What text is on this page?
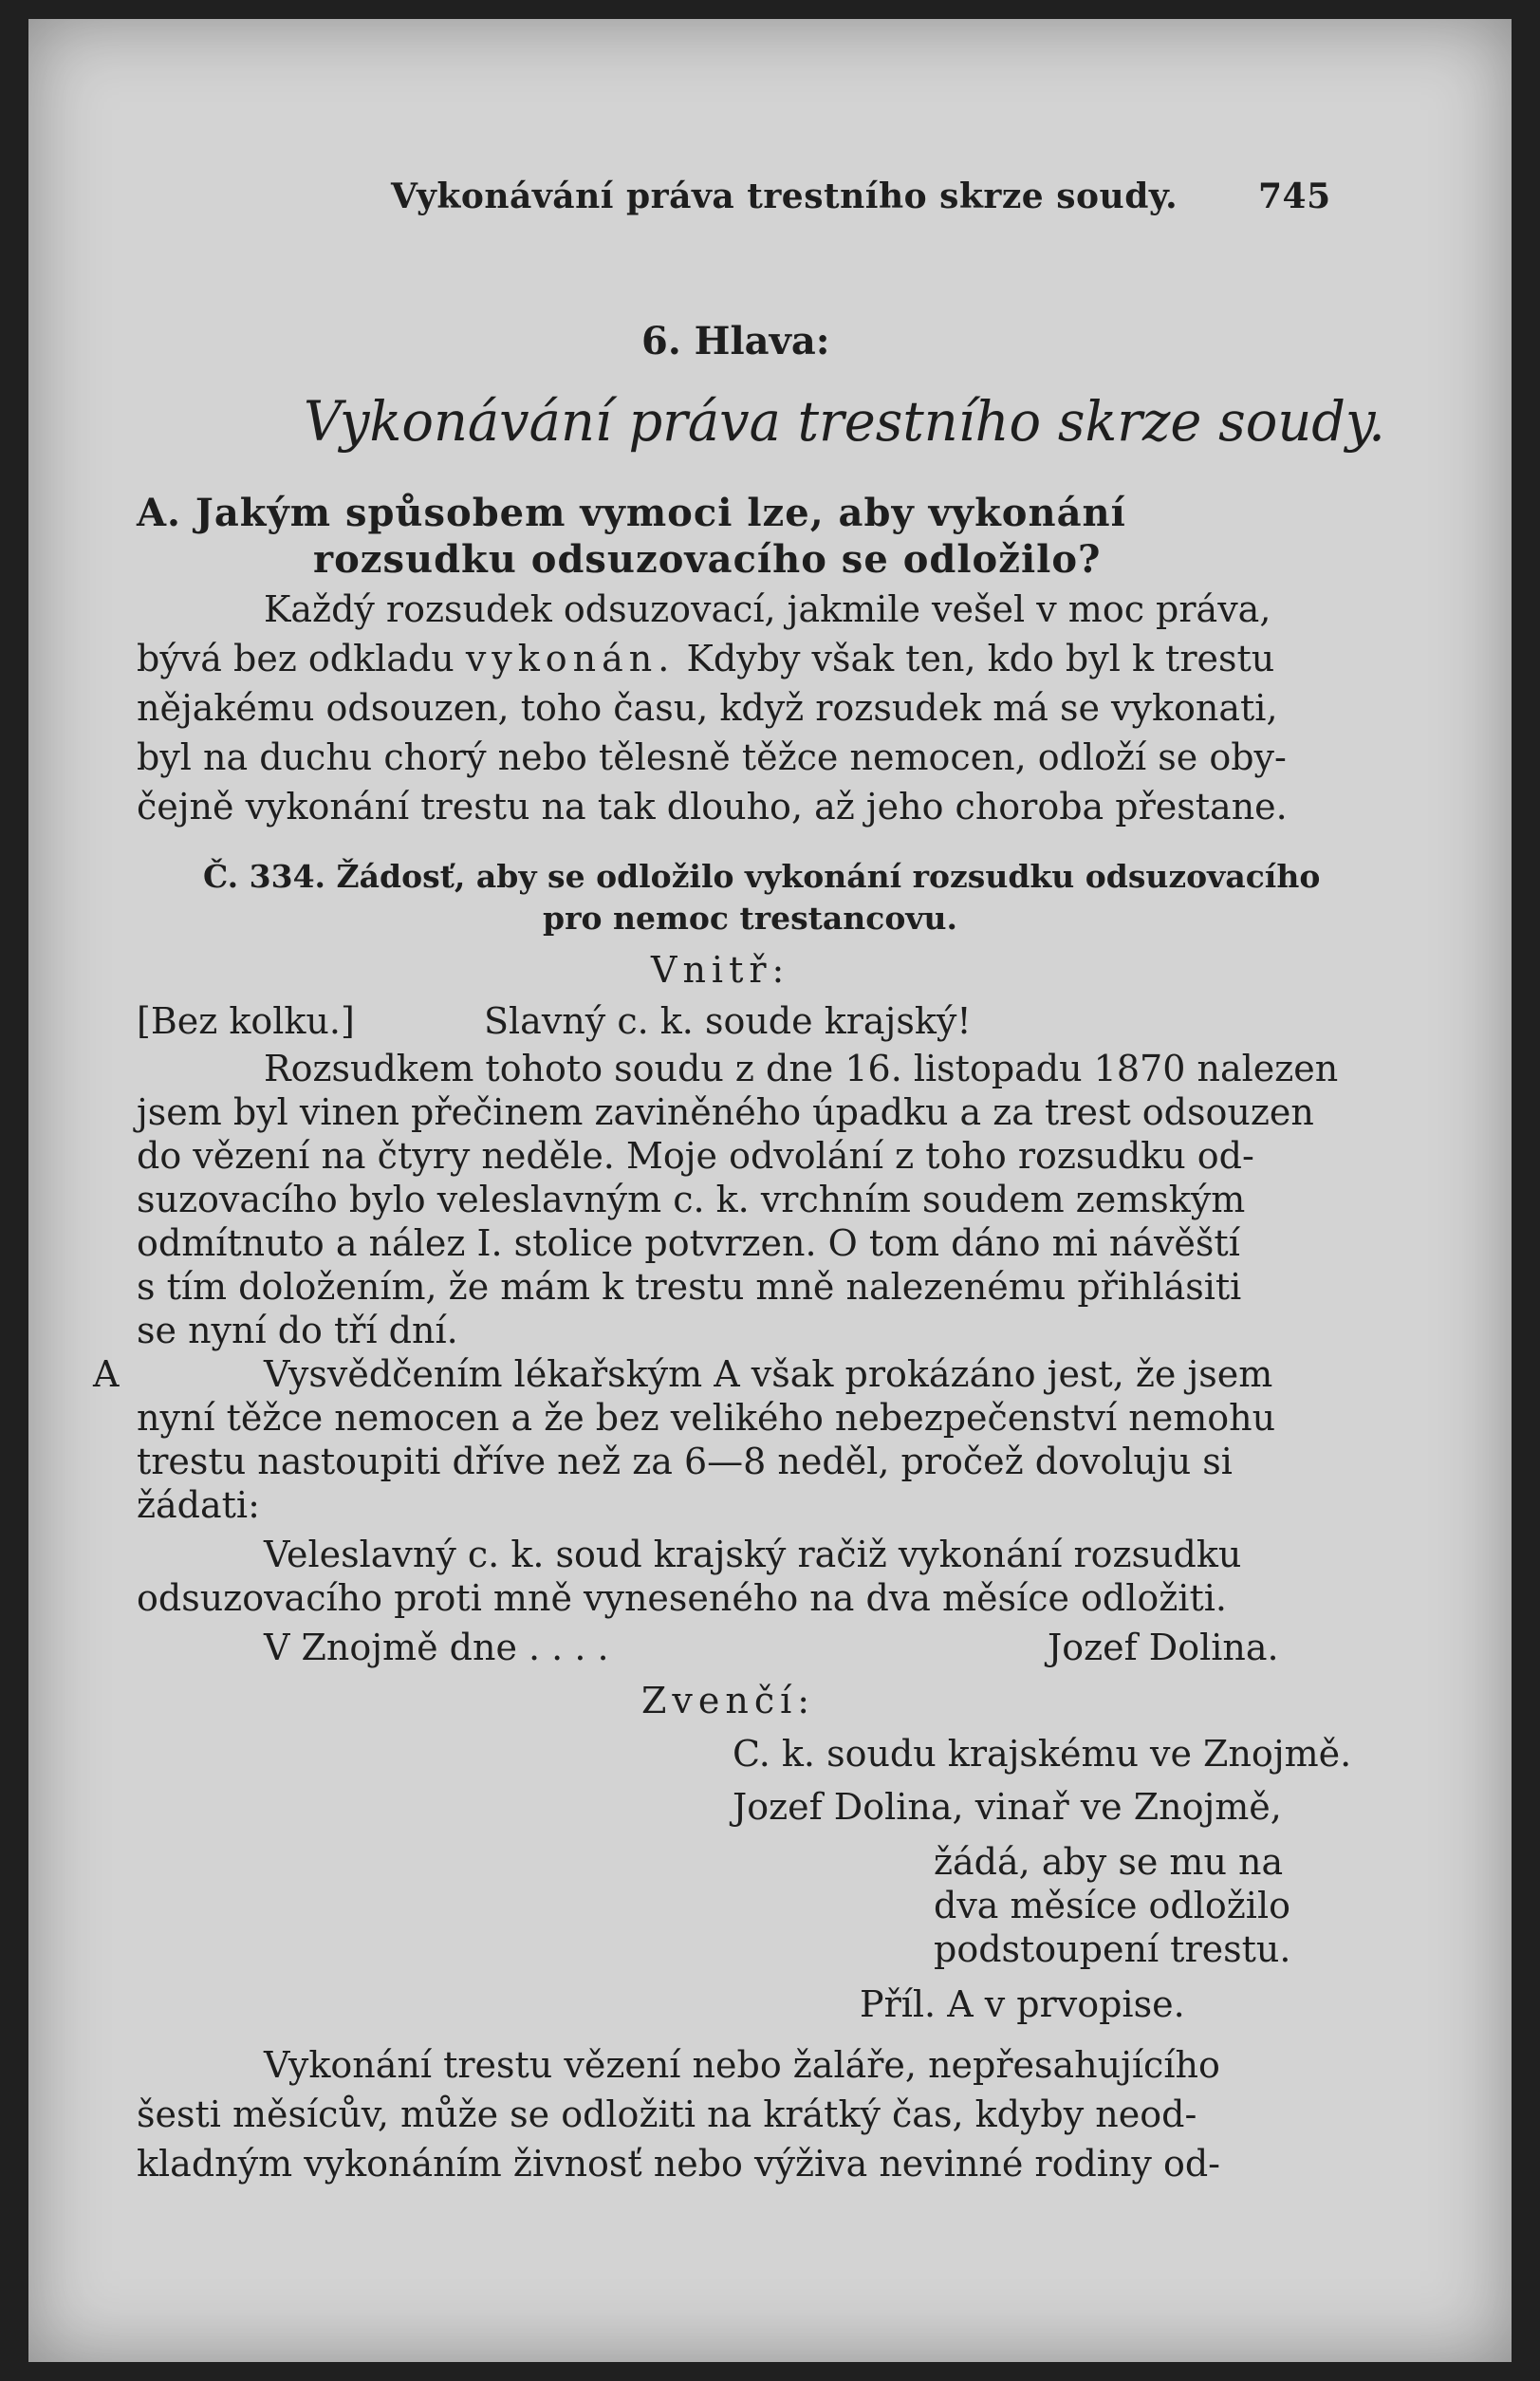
Vykonávání práva trestního skrze soudy. 745
6. Hlava:
Vykonávání práva trestního skrze soudy.
A. Jakým spůsobem vymoci lze, aby vykonání
rozsudku odsuzovacího se odložilo?
Každý rozsudek odsuzovací, jakmile vešel v moc práva,
bývá bez odkladu vykonán. Kdyby však ten, kdo byl k trestu
nějakému odsouzen, toho času, když rozsudek má se vykonati,
byl na duchu chorý nebo tělesně těžce nemocen, odloží se oby-
čejně vykonání trestu na tak dlouho, až jeho choroba přestane.
Č. 334. Žádosť, aby se odložilo vykonání rozsudku odsuzovacího
pro nemoc trestancovu.
Vnitř:
[Bez kolku.]	Slavný c. k. soude krajský!
Rozsudkem tohoto soudu z dne 16. listopadu 1870 nalezen
jsem byl vinen přečinem zaviněného úpadku a za trest odsouzen
do vězení na čtyry neděle. Moje odvolání z toho rozsudku od-
suzovacího bylo veleslavným c. k. vrchním soudem zemským
odmítnuto a nález I. stolice potvrzen. O tom dáno mi návěští
s tím doložením, že mám k trestu mně nalezenému přihlásiti
se nyní do tří dní.
A	Vysvědčením lékařským A však prokázáno jest, že jsem
nyní těžce nemocen a že bez velikého nebezpečenství nemohu
trestu nastoupiti dříve než za 6—8 neděl, pročež dovoluju si
žádati:
Veleslavný c. k. soud krajský račiž vykonání rozsudku
odsuzovacího proti mně vyneseného na dva měsíce odložiti.
V Znojmě dne . . . .	Jozef Dolina.
Zvenčí:
C. k. soudu krajskému ve Znojmě.
Jozef Dolina, vinař ve Znojmě,
žádá, aby se mu na
dva měsíce odložilo
podstoupení trestu.
Příl. A v prvopise.
Vykonání trestu vězení nebo žaláře, nepřesahujícího
šesti měsícův, může se odložiti na krátký čas, kdyby neod-
kladným vykonáním živnosť nebo výživa nevinné rodiny od-
